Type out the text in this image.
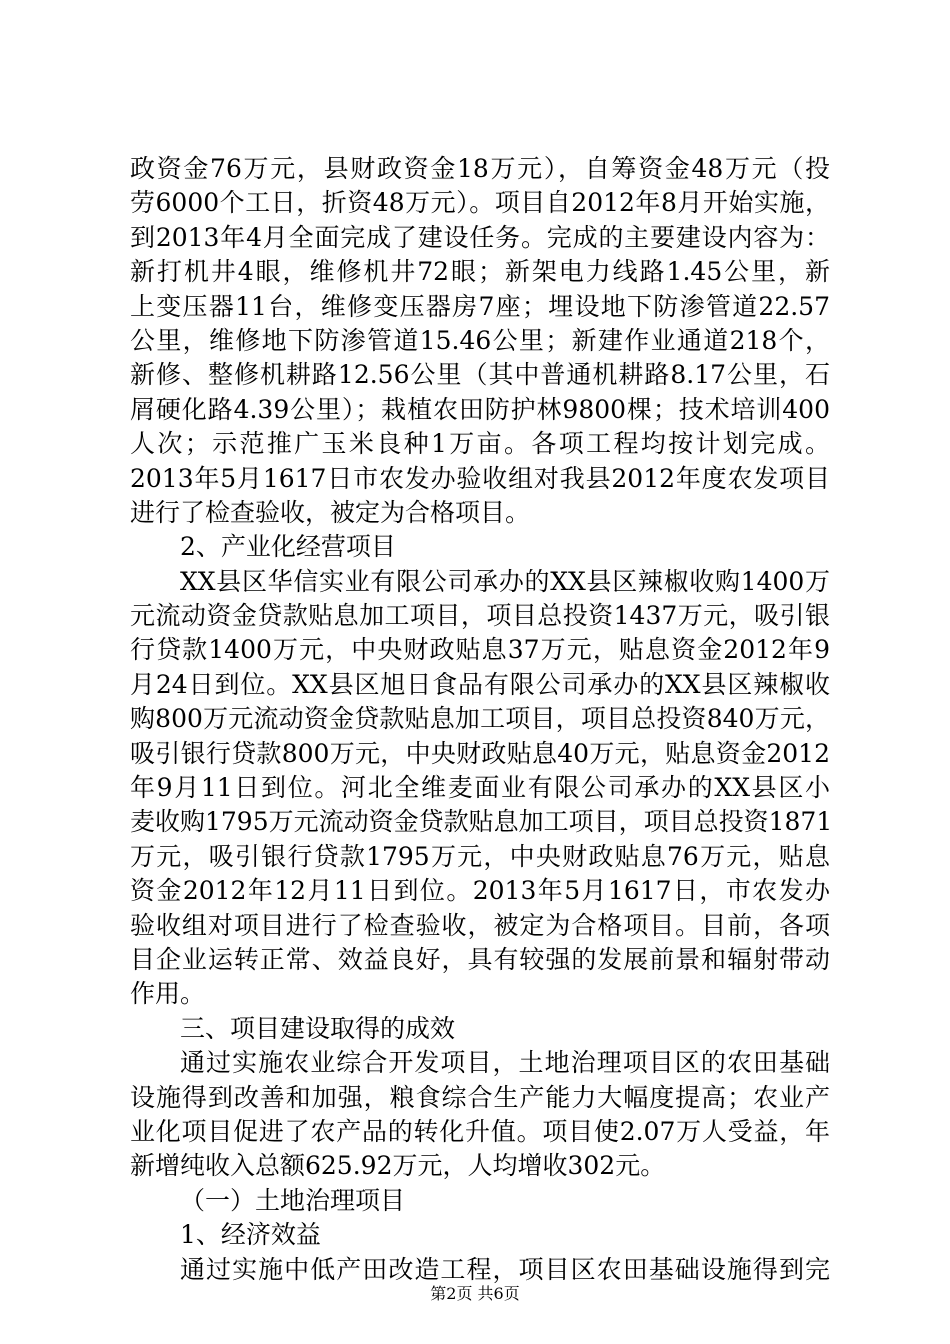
政资金76万元，县财政资金18万元），自筹资金48万元（投
劳6000个工日，折资48万元）。项目自2012年8月开始实施，
到2013年4月全面完成了建设任务。完成的主要建设内容为：
新打机井4眼，维修机井72眼；新架电力线路1.45公里，新
上变压器11台，维修变压器房7座；埋设地下防渗管道22.57
公里，维修地下防渗管道15.46公里；新建作业通道218个，
新修、整修机耕路12.56公里（其中普通机耕路8.17公里，石
屑硬化路4.39公里）；栽植农田防护林9800棵；技术培训400
人次；示范推广玉米良种1万亩。各项工程均按计划完成。
2013年5月1617日市农发办验收组对我县2012年度农发项目
进行了检查验收，被定为合格项目。
2、产业化经营项目
XX县区华信实业有限公司承办的XX县区辣椒收购1400万
元流动资金贷款贴息加工项目，项目总投资1437万元，吸引银
行贷款1400万元，中央财政贴息37万元，贴息资金2012年9
月24日到位。XX县区旭日食品有限公司承办的XX县区辣椒收
购800万元流动资金贷款贴息加工项目，项目总投资840万元，
吸引银行贷款800万元，中央财政贴息40万元，贴息资金2012
年9月11日到位。河北全维麦面业有限公司承办的XX县区小
麦收购1795万元流动资金贷款贴息加工项目，项目总投资1871
万元，吸引银行贷款1795万元，中央财政贴息76万元，贴息
资金2012年12月11日到位。2013年5月1617日，市农发办
验收组对项目进行了检查验收，被定为合格项目。目前，各项
目企业运转正常、效益良好，具有较强的发展前景和辐射带动
作用。
三、项目建设取得的成效
通过实施农业综合开发项目，土地治理项目区的农田基础
设施得到改善和加强，粮食综合生产能力大幅度提高；农业产
业化项目促进了农产品的转化升值。项目使2.07万人受益，年
新增纯收入总额625.92万元，人均增收302元。
（一）土地治理项目
1、经济效益
通过实施中低产田改造工程，项目区农田基础设施得到完
第2页 共6页
